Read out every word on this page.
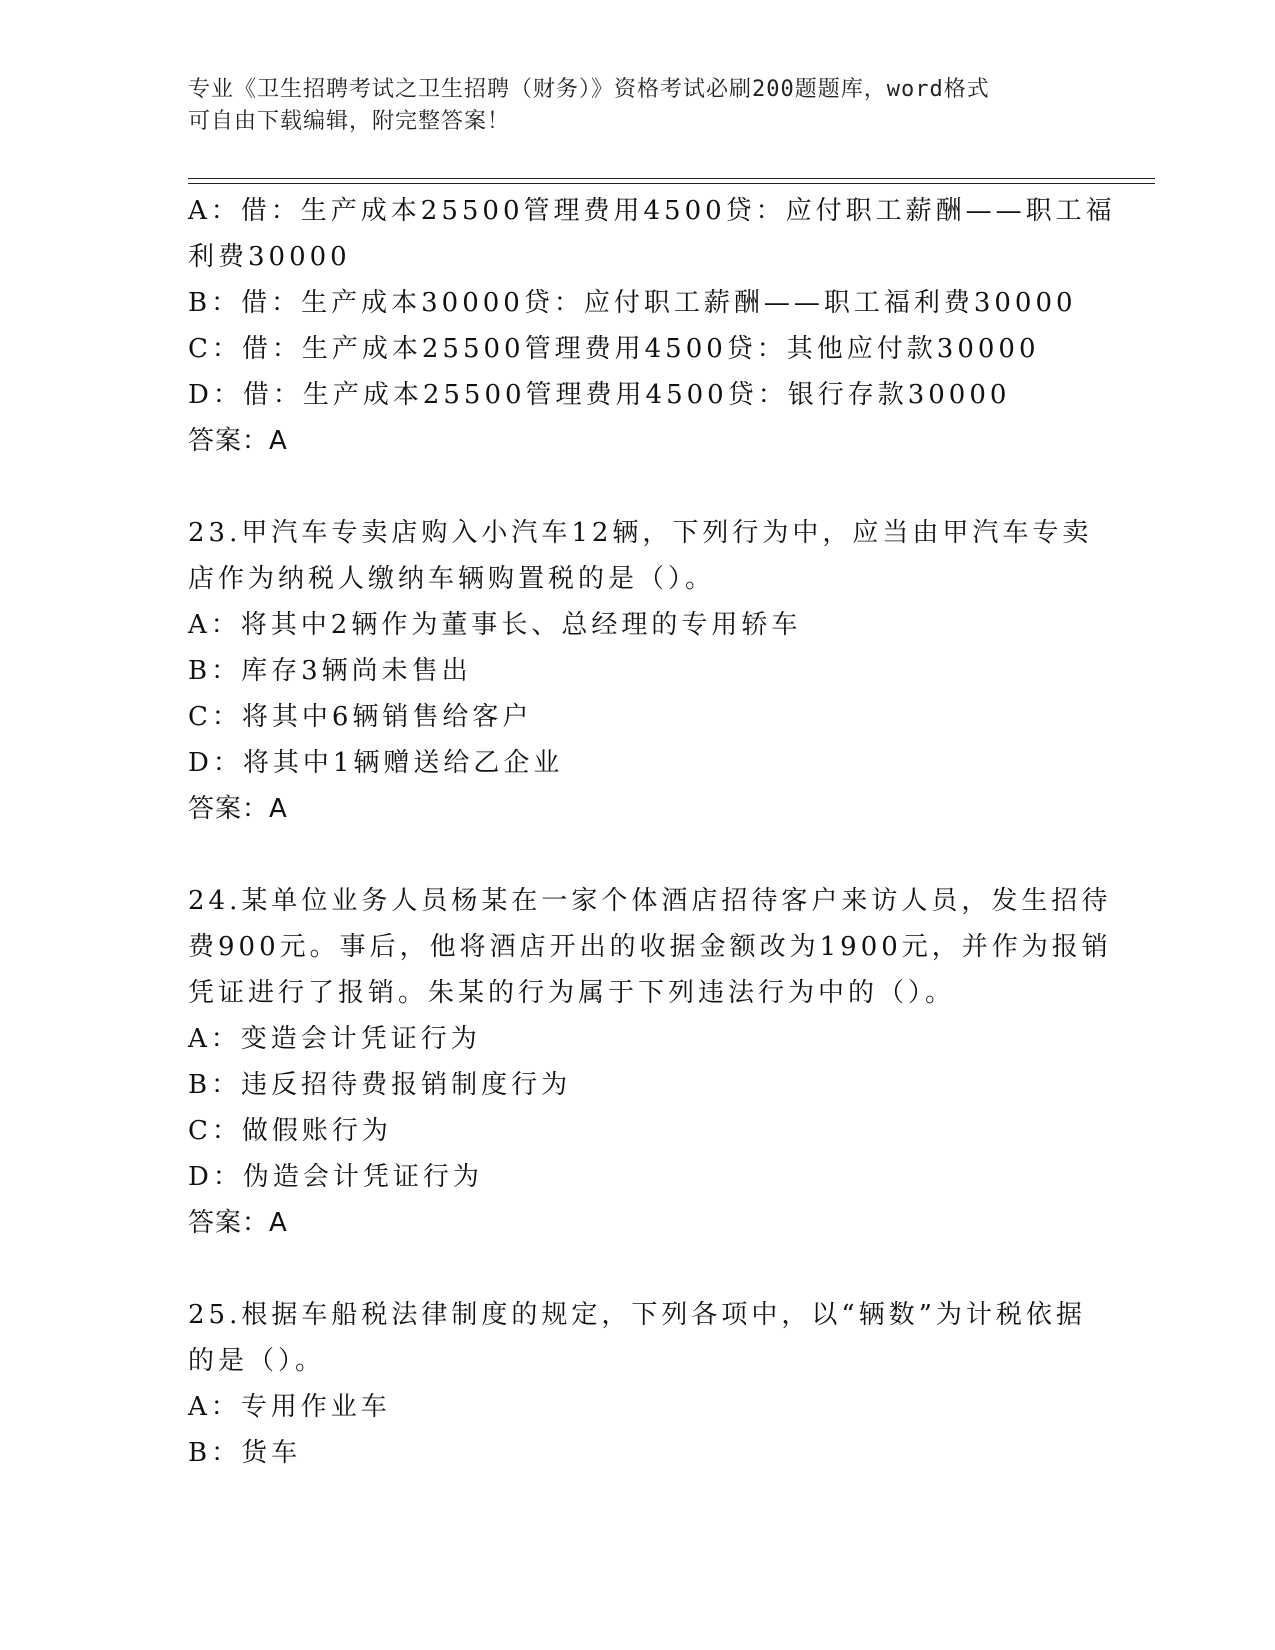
专业《卫生招聘考试之卫生招聘（财务）》资格考试必刷200题题库，word格式
可自由下载编辑，附完整答案！
A：借：生产成本25500管理费用4500贷：应付职工薪酬——职工福
利费30000
B：借：生产成本30000贷：应付职工薪酬——职工福利费30000
C：借：生产成本25500管理费用4500贷：其他应付款30000
D：借：生产成本25500管理费用4500贷：银行存款30000
答案：A
23.甲汽车专卖店购入小汽车12辆，下列行为中，应当由甲汽车专卖
店作为纳税人缴纳车辆购置税的是（）。
A：将其中2辆作为董事长、总经理的专用轿车
B：库存3辆尚未售出
C：将其中6辆销售给客户
D：将其中1辆赠送给乙企业
答案：A
24.某单位业务人员杨某在一家个体酒店招待客户来访人员，发生招待
费900元。事后，他将酒店开出的收据金额改为1900元，并作为报销
凭证进行了报销。朱某的行为属于下列违法行为中的（）。
A：变造会计凭证行为
B：违反招待费报销制度行为
C：做假账行为
D：伪造会计凭证行为
答案：A
25.根据车船税法律制度的规定，下列各项中，以“辆数”为计税依据
的是（）。
A：专用作业车
B：货车
